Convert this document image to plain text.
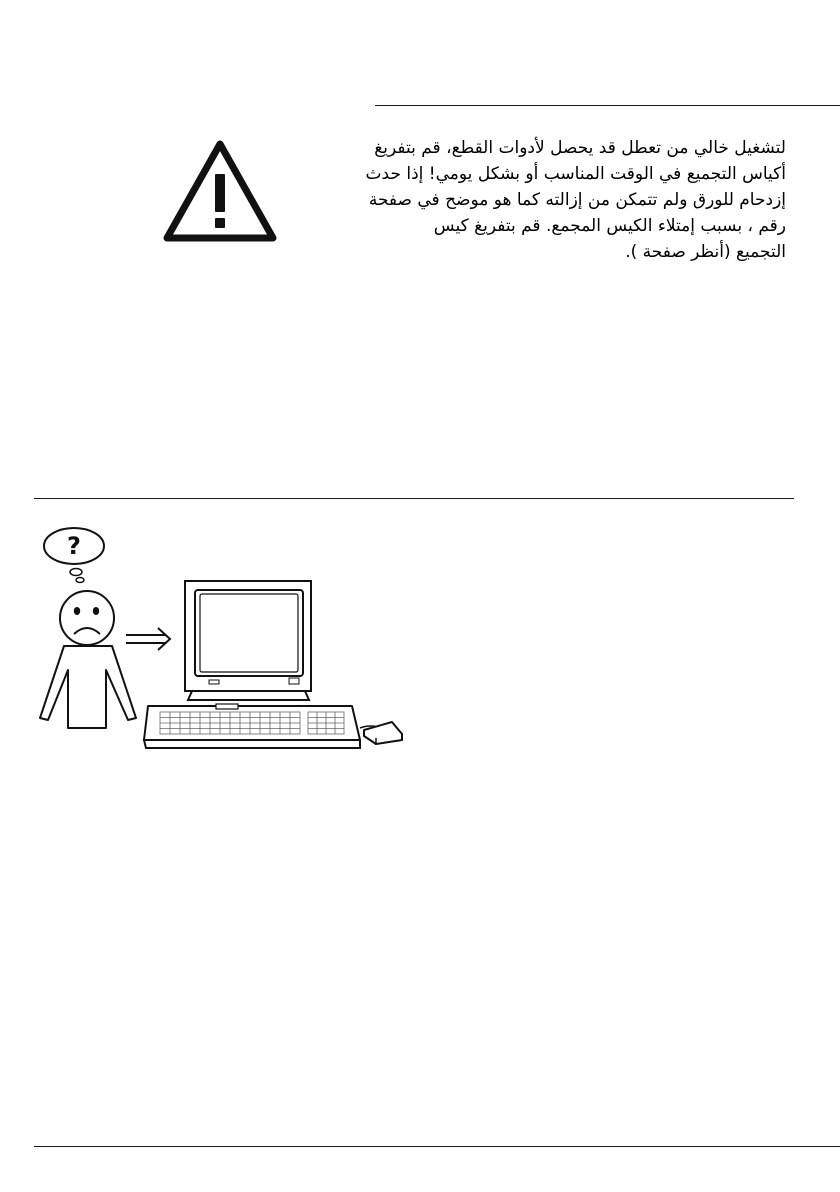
لتشغيل خالي من تعطل قد يحصل لأدوات القطع، قم بتفريغ
أكياس التجميع في الوقت المناسب أو بشكل يومي! إذا حدث
إزدحام للورق ولم تتمكن من إزالته كما هو موضح في صفحة
رقم ، بسبب إمتلاء الكيس المجمع. قم بتفريغ كيس
التجميع (أنظر صفحة ).
?
